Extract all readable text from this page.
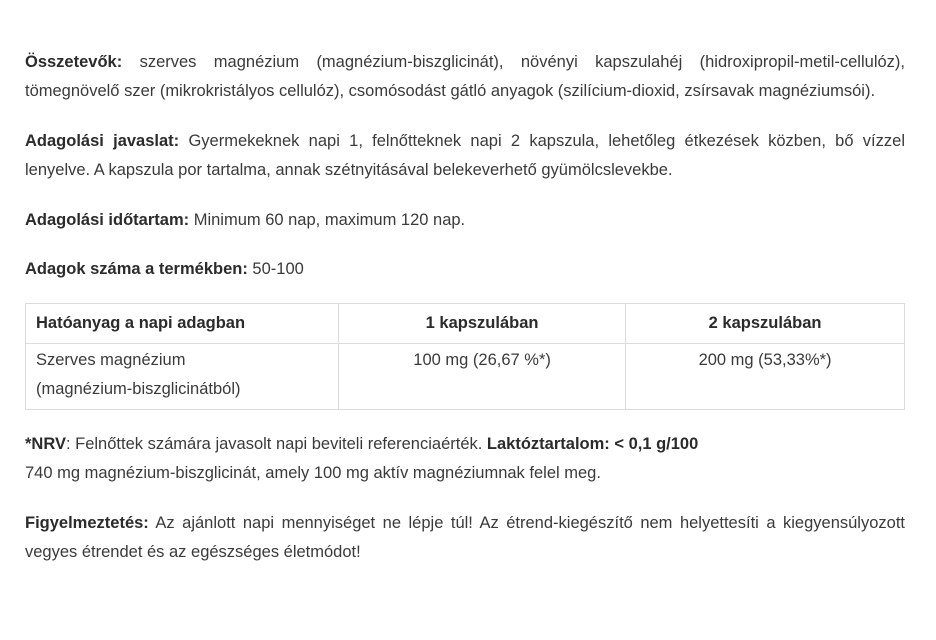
Összetevők: szerves magnézium (magnézium-biszglicinát), növényi kapszulahéj (hidroxipropil-metil-cellulóz), tömegnövelő szer (mikrokristályos cellulóz), csomósodást gátló anyagok (szilícium-dioxid, zsírsavak magnéziumsói).

Adagolási javaslat: Gyermekeknek napi 1, felnőtteknek napi 2 kapszula, lehetőleg étkezések közben, bő vízzel lenyelve. A kapszula por tartalma, annak szétnyitásával belekeverhető gyümölcslevekbe.

Adagolási időtartam: Minimum 60 nap, maximum 120 nap.

Adagok száma a termékben: 50-100

Hatóanyag a napi adagban	1 kapszulában	2 kapszulában
Szerves magnézium
(magnézium-biszglicinátból)	100 mg (26,67 %*)	200 mg (53,33%*)

*NRV: Felnőttek számára javasolt napi beviteli referenciaérték. Laktóztartalom: < 0,1 g/100
740 mg magnézium-biszglicinát, amely 100 mg aktív magnéziumnak felel meg.

Figyelmeztetés: Az ajánlott napi mennyiséget ne lépje túl! Az étrend-kiegészítő nem helyettesíti a kiegyensúlyozott vegyes étrendet és az egészséges életmódot!
